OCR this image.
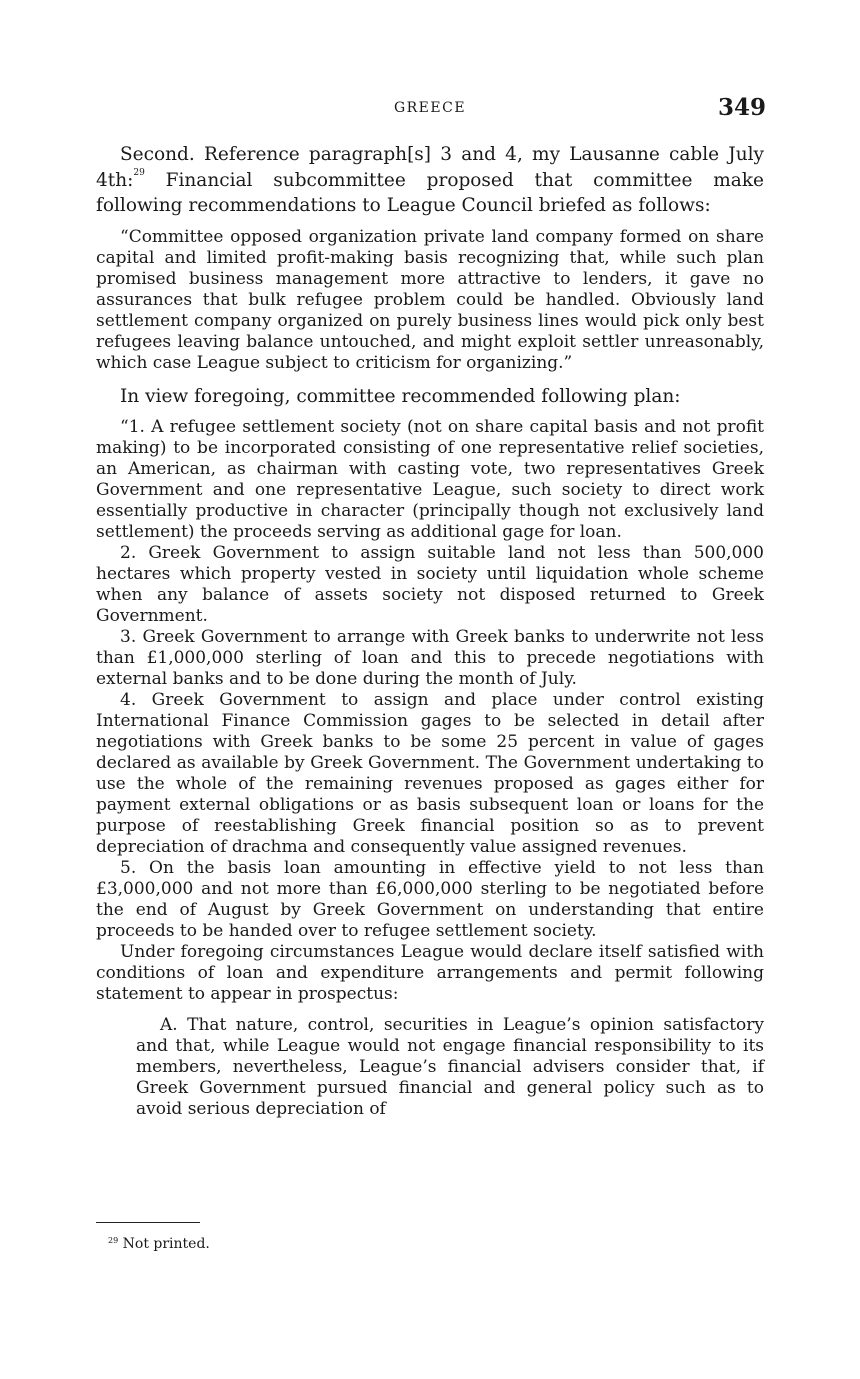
GREECE	349

Second. Reference paragraph[s] 3 and 4, my Lausanne cable July 4th:$^{29}$ Financial subcommittee proposed that committee make following recommendations to League Council briefed as follows:

“Committee opposed organization private land company formed on share capital and limited profit-making basis recognizing that, while such plan promised business management more attractive to lenders, it gave no assurances that bulk refugee problem could be handled. Obviously land settlement company organized on purely business lines would pick only best refugees leaving balance untouched, and might exploit settler unreasonably, which case League subject to criticism for organizing.”

In view foregoing, committee recommended following plan:

“1. A refugee settlement society (not on share capital basis and not profit making) to be incorporated consisting of one representative relief societies, an American, as chairman with casting vote, two representatives Greek Government and one representative League, such society to direct work essentially productive in character (principally though not exclusively land settlement) the proceeds serving as additional gage for loan.

2. Greek Government to assign suitable land not less than 500,000 hectares which property vested in society until liquidation whole scheme when any balance of assets society not disposed returned to Greek Government.

3. Greek Government to arrange with Greek banks to underwrite not less than £1,000,000 sterling of loan and this to precede negotiations with external banks and to be done during the month of July.

4. Greek Government to assign and place under control existing International Finance Commission gages to be selected in detail after negotiations with Greek banks to be some 25 percent in value of gages declared as available by Greek Government. The Government undertaking to use the whole of the remaining revenues proposed as gages either for payment external obligations or as basis subsequent loan or loans for the purpose of reestablishing Greek financial position so as to prevent depreciation of drachma and consequently value assigned revenues.

5. On the basis loan amounting in effective yield to not less than £3,000,000 and not more than £6,000,000 sterling to be negotiated before the end of August by Greek Government on understanding that entire proceeds to be handed over to refugee settlement society.

Under foregoing circumstances League would declare itself satisfied with conditions of loan and expenditure arrangements and permit following statement to appear in prospectus:

A. That nature, control, securities in League’s opinion satisfactory and that, while League would not engage financial responsibility to its members, nevertheless, League’s financial advisers consider that, if Greek Government pursued financial and general policy such as to avoid serious depreciation of

$^{29}$ Not printed.
